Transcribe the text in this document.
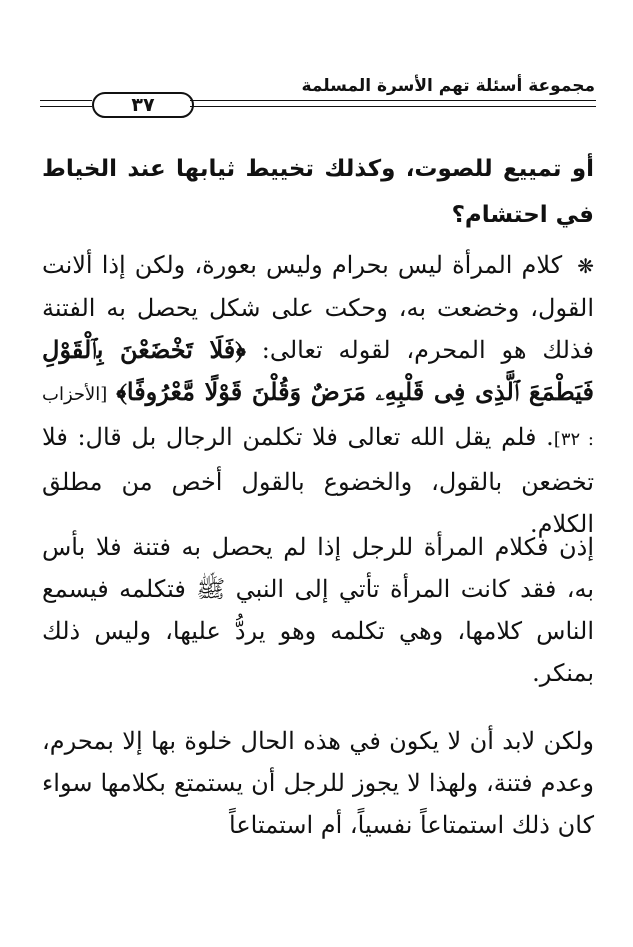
مجموعة أسئلة تهم الأسرة المسلمة
٣٧
أو تمييع للصوت، وكذلك تخييط ثيابها عند الخياط في احتشام؟
❋ كلام المرأة ليس بحرام وليس بعورة، ولكن إذا ألانت القول، وخضعت به، وحكت على شكل يحصل به الفتنة فذلك هو المحرم، لقوله تعالى: ﴿فَلَا تَخْضَعْنَ بِٱلْقَوْلِ فَيَطْمَعَ ٱلَّذِى فِى قَلْبِهِۦ مَرَضٌ وَقُلْنَ قَوْلًا مَّعْرُوفًا﴾ [الأحزاب : ٣٢]. فلم يقل الله تعالى فلا تكلمن الرجال بل قال: فلا تخضعن بالقول، والخضوع بالقول أخص من مطلق الكلام.
إذن فكلام المرأة للرجل إذا لم يحصل به فتنة فلا بأس به، فقد كانت المرأة تأتي إلى النبي ﷺ فتكلمه فيسمع الناس كلامها، وهي تكلمه وهو يردُّ عليها، وليس ذلك بمنكر.
ولكن لابد أن لا يكون في هذه الحال خلوة بها إلا بمحرم، وعدم فتنة، ولهذا لا يجوز للرجل أن يستمتع بكلامها سواء كان ذلك استمتاعاً نفسياً، أم استمتاعاً
